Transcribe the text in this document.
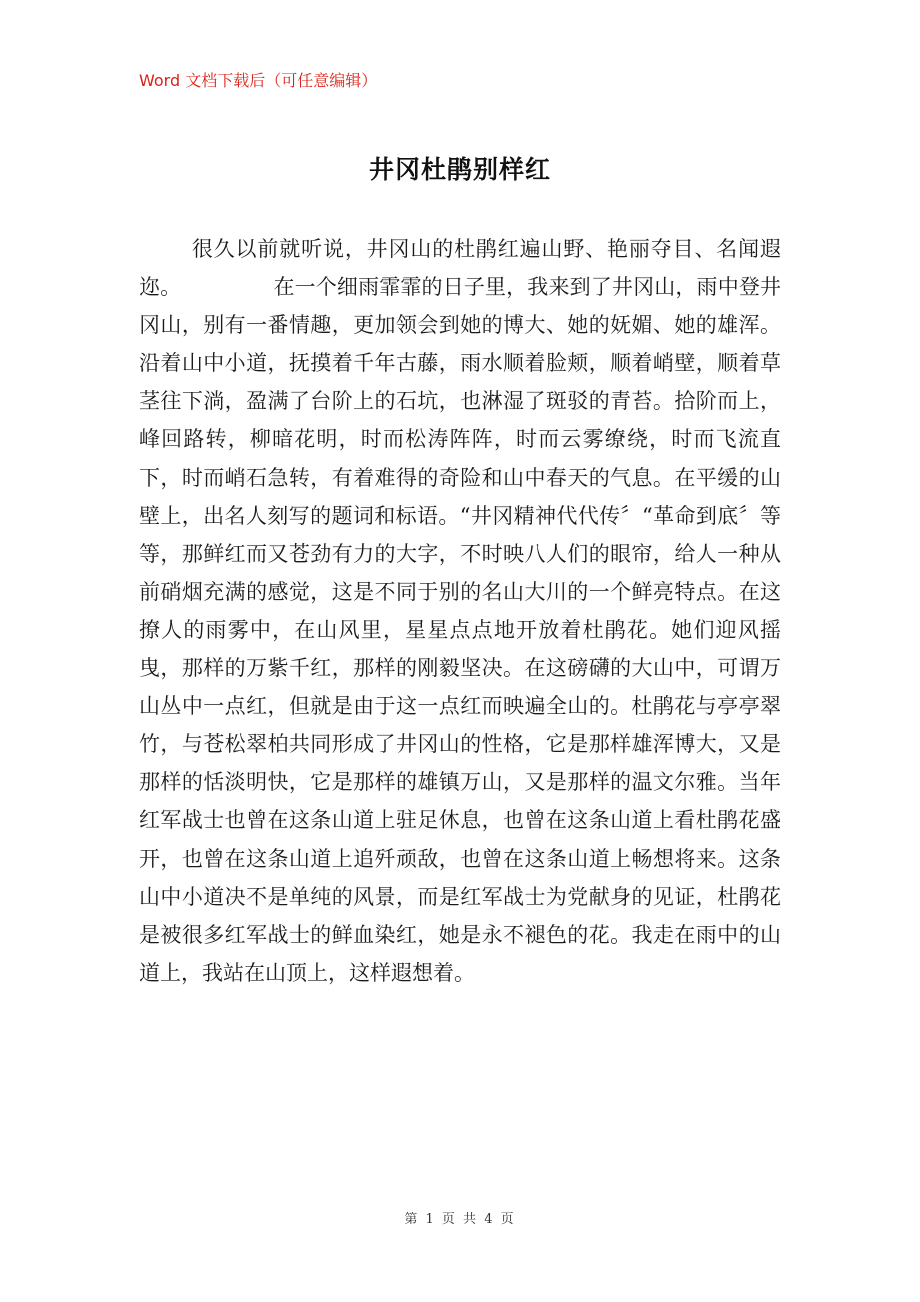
Word 文档下载后（可任意编辑）
井冈杜鹃别样红

很久以前就听说，井冈山的杜鹃红遍山野、艳丽夺目、名闻遐迩。	在一个细雨霏霏的日子里，我来到了井冈山，雨中登井冈山，别有一番情趣，更加领会到她的博大、她的妩媚、她的雄浑。沿着山中小道，抚摸着千年古藤，雨水顺着脸颊，顺着峭壁，顺着草茎往下淌，盈满了台阶上的石坑，也淋湿了斑驳的青苔。拾阶而上，峰回路转，柳暗花明，时而松涛阵阵，时而云雾缭绕，时而飞流直下，时而峭石急转，有着难得的奇险和山中春天的气息。在平缓的山壁上，出名人刻写的题词和标语。“井冈精神代代传〞“革命到底〞等等，那鲜红而又苍劲有力的大字，不时映八人们的眼帘，给人一种从前硝烟充满的感觉，这是不同于别的名山大川的一个鲜亮特点。在这撩人的雨雾中，在山风里，星星点点地开放着杜鹃花。她们迎风摇曳，那样的万紫千红，那样的刚毅坚决。在这磅礴的大山中，可谓万山丛中一点红，但就是由于这一点红而映遍全山的。杜鹃花与亭亭翠竹，与苍松翠柏共同形成了井冈山的性格，它是那样雄浑博大，又是那样的恬淡明快，它是那样的雄镇万山，又是那样的温文尔雅。当年红军战士也曾在这条山道上驻足休息，也曾在这条山道上看杜鹃花盛开，也曾在这条山道上追歼顽敌，也曾在这条山道上畅想将来。这条山中小道决不是单纯的风景，而是红军战士为党献身的见证，杜鹃花是被很多红军战士的鲜血染红，她是永不褪色的花。我走在雨中的山道上，我站在山顶上，这样遐想着。

第 1 页 共 4 页
